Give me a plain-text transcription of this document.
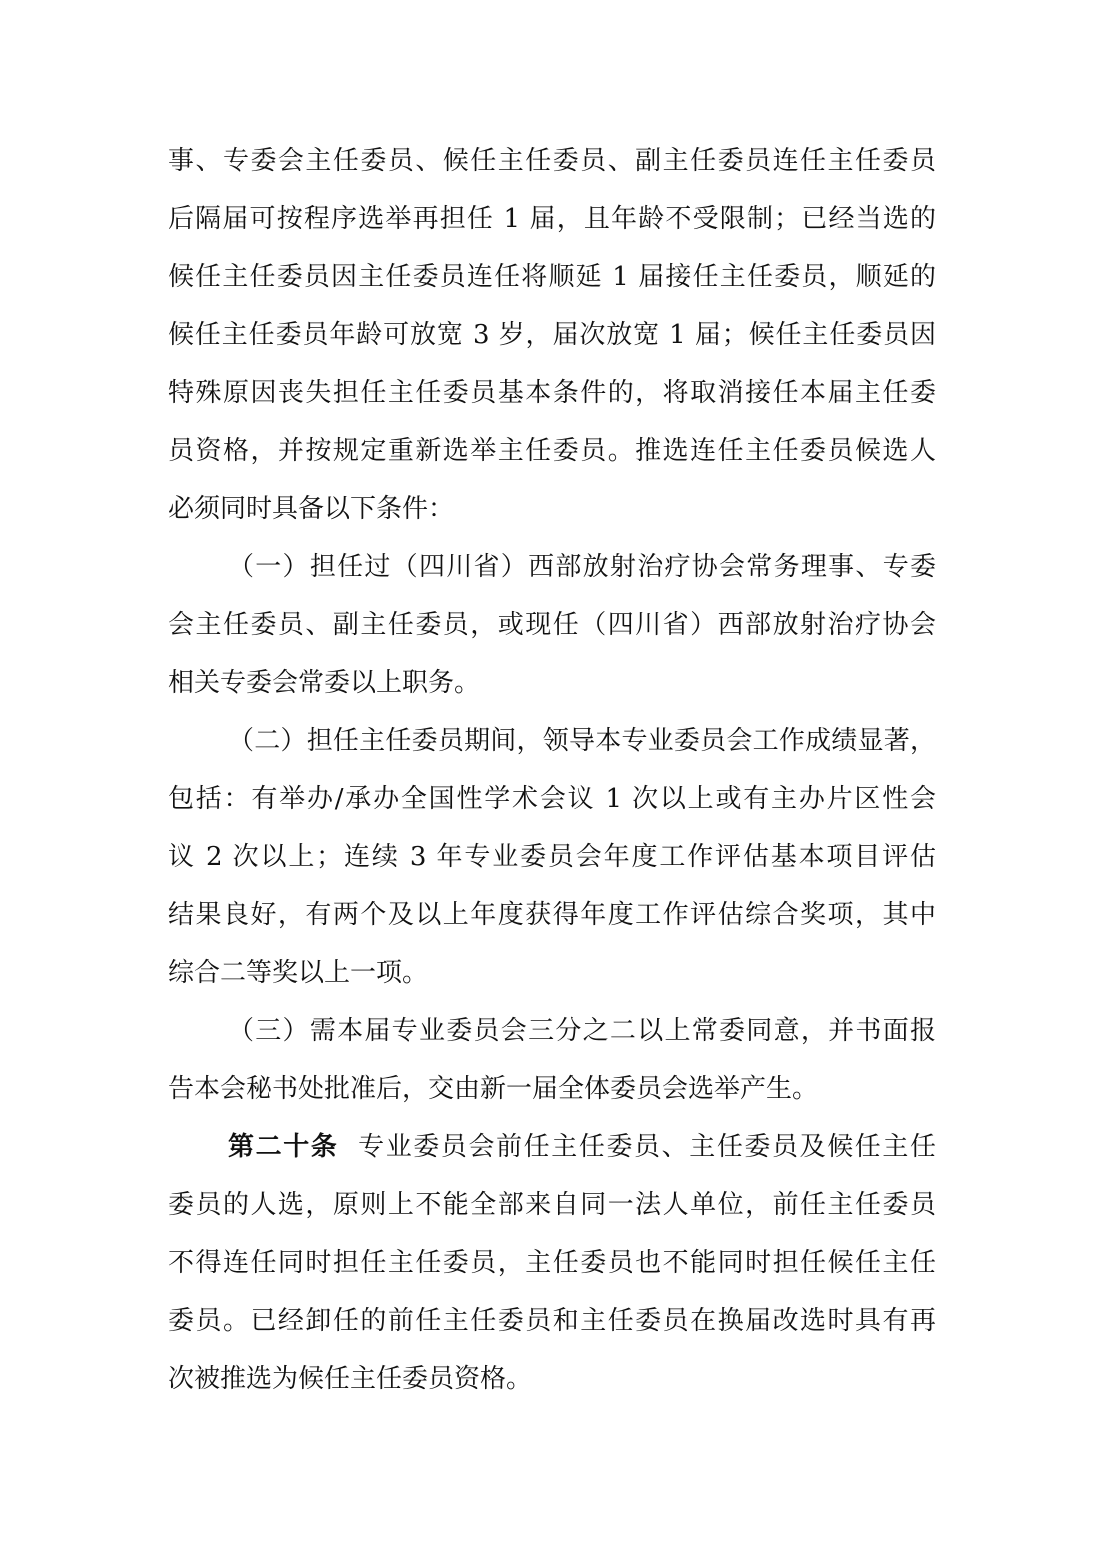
事、专委会主任委员、候任主任委员、副主任委员连任主任委员
后隔届可按程序选举再担任 1 届，且年龄不受限制；已经当选的
候任主任委员因主任委员连任将顺延 1 届接任主任委员，顺延的
候任主任委员年龄可放宽 3 岁，届次放宽 1 届；候任主任委员因
特殊原因丧失担任主任委员基本条件的，将取消接任本届主任委
员资格，并按规定重新选举主任委员。推选连任主任委员候选人
必须同时具备以下条件：
（一）担任过（四川省）西部放射治疗协会常务理事、专委
会主任委员、副主任委员，或现任（四川省）西部放射治疗协会
相关专委会常委以上职务。
（二）担任主任委员期间，领导本专业委员会工作成绩显著，
包括：有举办/承办全国性学术会议 1 次以上或有主办片区性会
议 2 次以上；连续 3 年专业委员会年度工作评估基本项目评估
结果良好，有两个及以上年度获得年度工作评估综合奖项，其中
综合二等奖以上一项。
（三）需本届专业委员会三分之二以上常委同意，并书面报
告本会秘书处批准后，交由新一届全体委员会选举产生。
第二十条 专业委员会前任主任委员、主任委员及候任主任
委员的人选，原则上不能全部来自同一法人单位，前任主任委员
不得连任同时担任主任委员，主任委员也不能同时担任候任主任
委员。已经卸任的前任主任委员和主任委员在换届改选时具有再
次被推选为候任主任委员资格。
